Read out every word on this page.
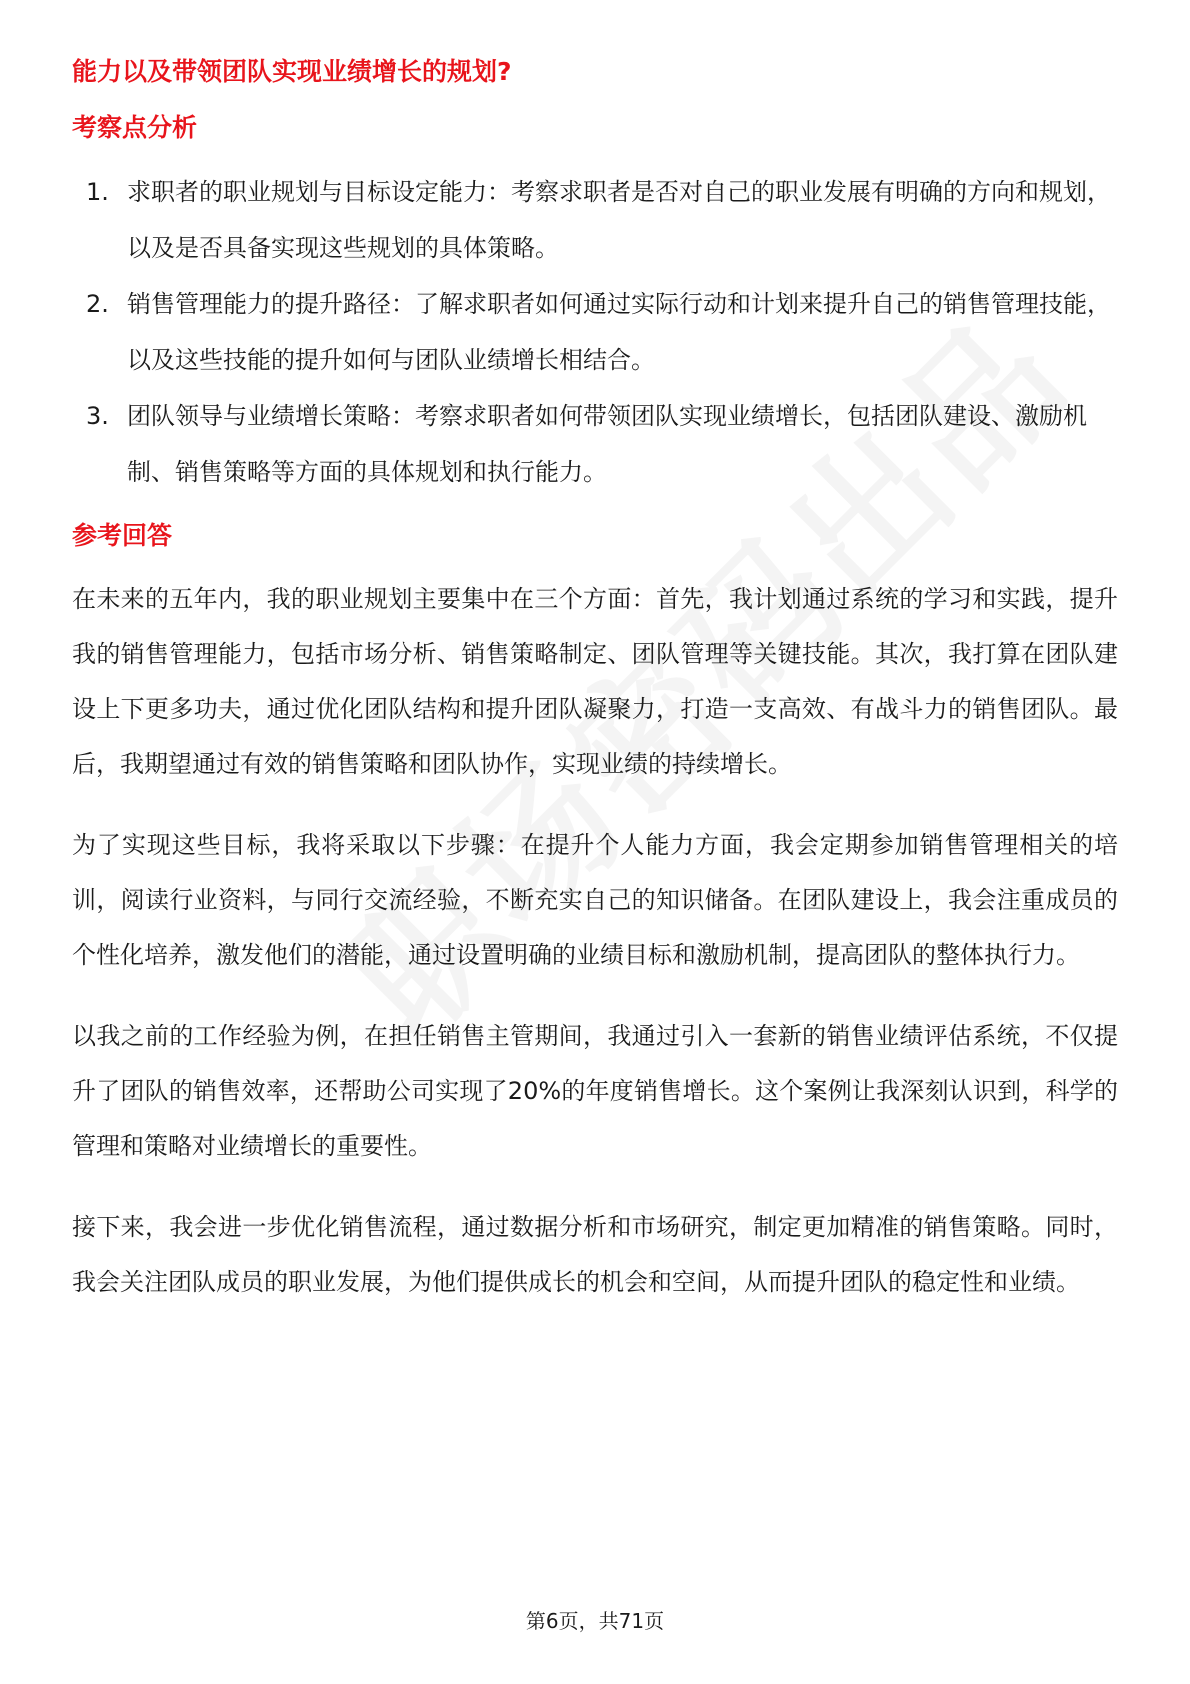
能力以及带领团队实现业绩增长的规划?
考察点分析
1. 求职者的职业规划与目标设定能力：考察求职者是否对自己的职业发展有明确的方向和规划，以及是否具备实现这些规划的具体策略。
2. 销售管理能力的提升路径：了解求职者如何通过实际行动和计划来提升自己的销售管理技能，以及这些技能的提升如何与团队业绩增长相结合。
3. 团队领导与业绩增长策略：考察求职者如何带领团队实现业绩增长，包括团队建设、激励机制、销售策略等方面的具体规划和执行能力。
参考回答

在未来的五年内，我的职业规划主要集中在三个方面：首先，我计划通过系统的学习和实践，提升我的销售管理能力，包括市场分析、销售策略制定、团队管理等关键技能。其次，我打算在团队建设上下更多功夫，通过优化团队结构和提升团队凝聚力，打造一支高效、有战斗力的销售团队。最后，我期望通过有效的销售策略和团队协作，实现业绩的持续增长。

为了实现这些目标，我将采取以下步骤：在提升个人能力方面，我会定期参加销售管理相关的培训，阅读行业资料，与同行交流经验，不断充实自己的知识储备。在团队建设上，我会注重成员的个性化培养，激发他们的潜能，通过设置明确的业绩目标和激励机制，提高团队的整体执行力。

以我之前的工作经验为例，在担任销售主管期间，我通过引入一套新的销售业绩评估系统，不仅提升了团队的销售效率，还帮助公司实现了20%的年度销售增长。这个案例让我深刻认识到，科学的管理和策略对业绩增长的重要性。

接下来，我会进一步优化销售流程，通过数据分析和市场研究，制定更加精准的销售策略。同时，我会关注团队成员的职业发展，为他们提供成长的机会和空间，从而提升团队的稳定性和业绩。

第6页，共71页
